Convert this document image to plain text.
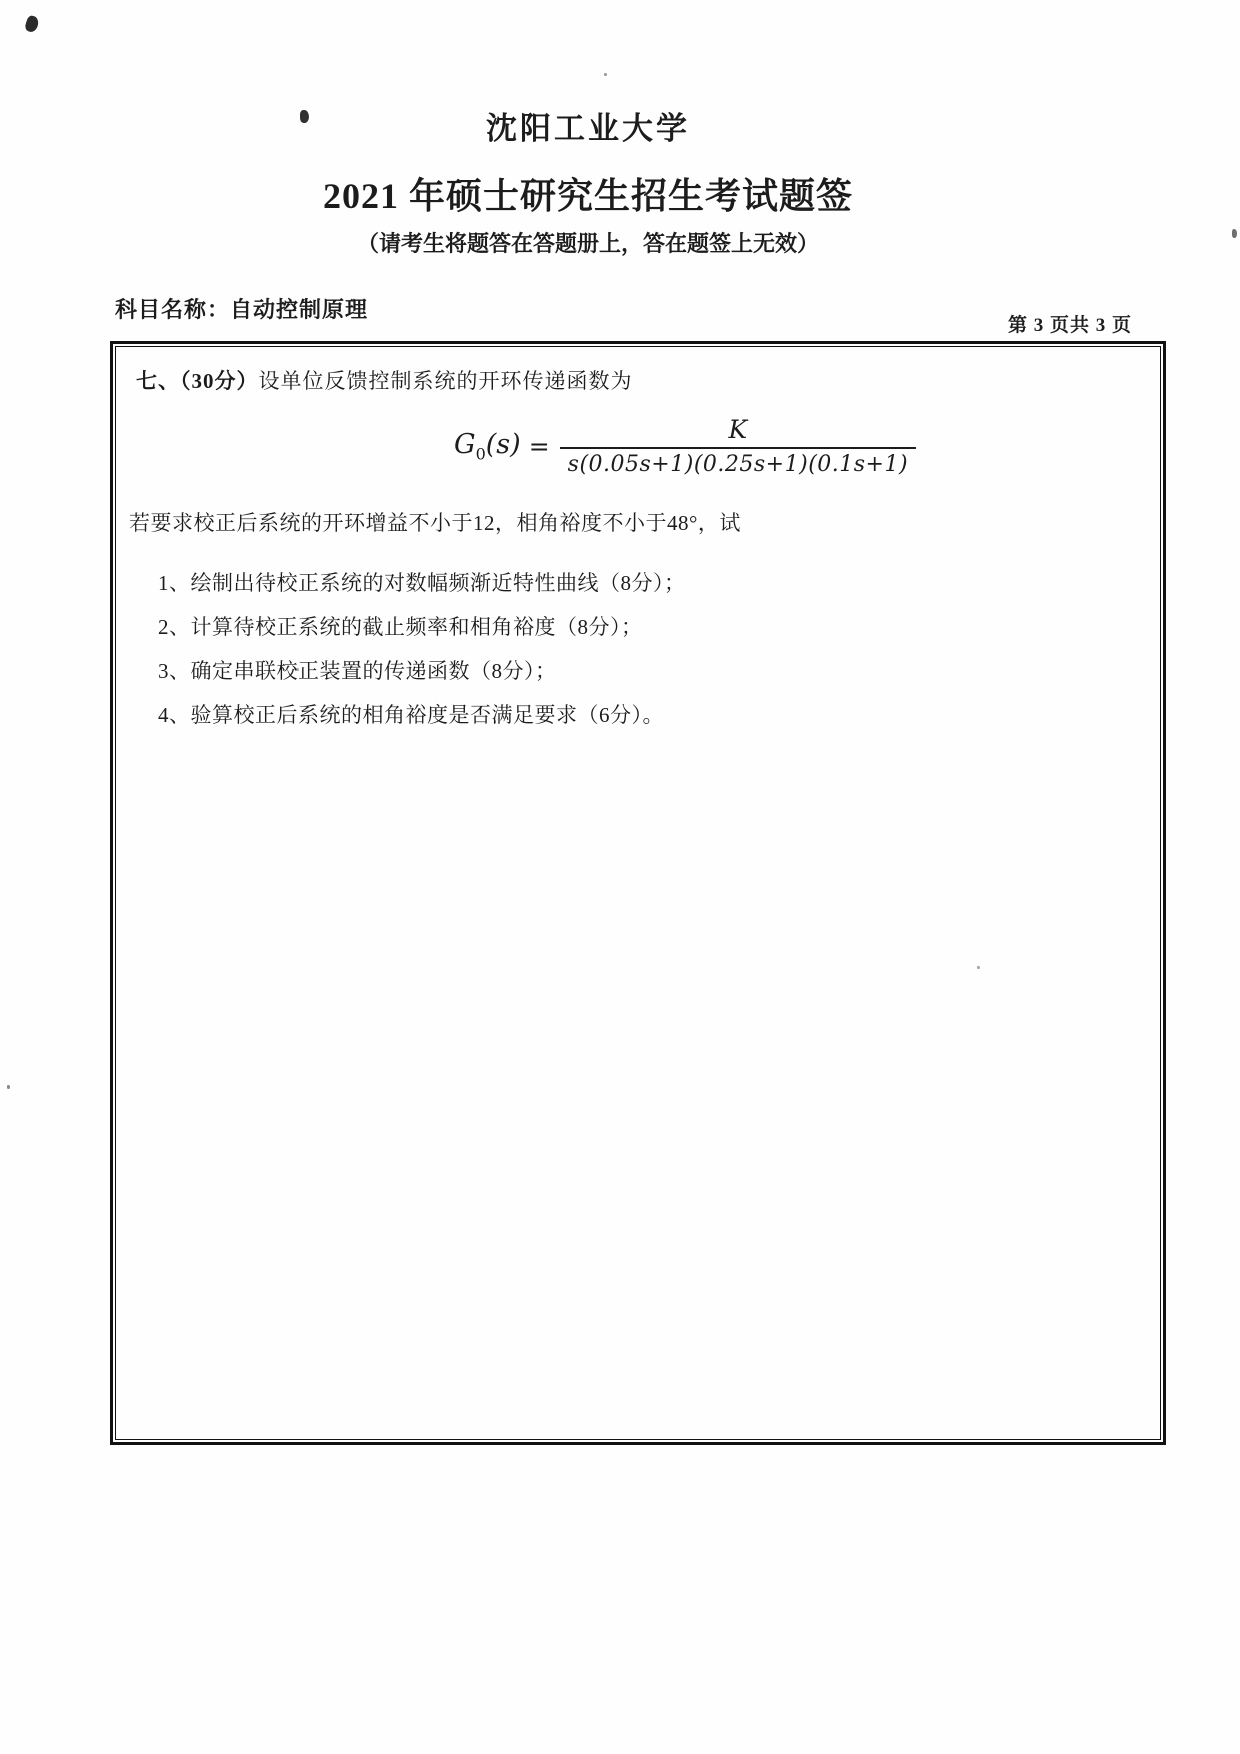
沈阳工业大学
2021 年硕士研究生招生考试题签

（请考生将题答在答题册上，答在题签上无效）

科目名称：自动控制原理
第 3 页共 3 页

七、（30分）设单位反馈控制系统的开环传递函数为

$G_0(s) = \frac{K}{s(0.05s+1)(0.25s+1)(0.1s+1)}$

若要求校正后系统的开环增益不小于12，相角裕度不小于48°，试

1、绘制出待校正系统的对数幅频渐近特性曲线（8分）；
2、计算待校正系统的截止频率和相角裕度（8分）；
3、确定串联校正装置的传递函数（8分）；
4、验算校正后系统的相角裕度是否满足要求（6分）。
